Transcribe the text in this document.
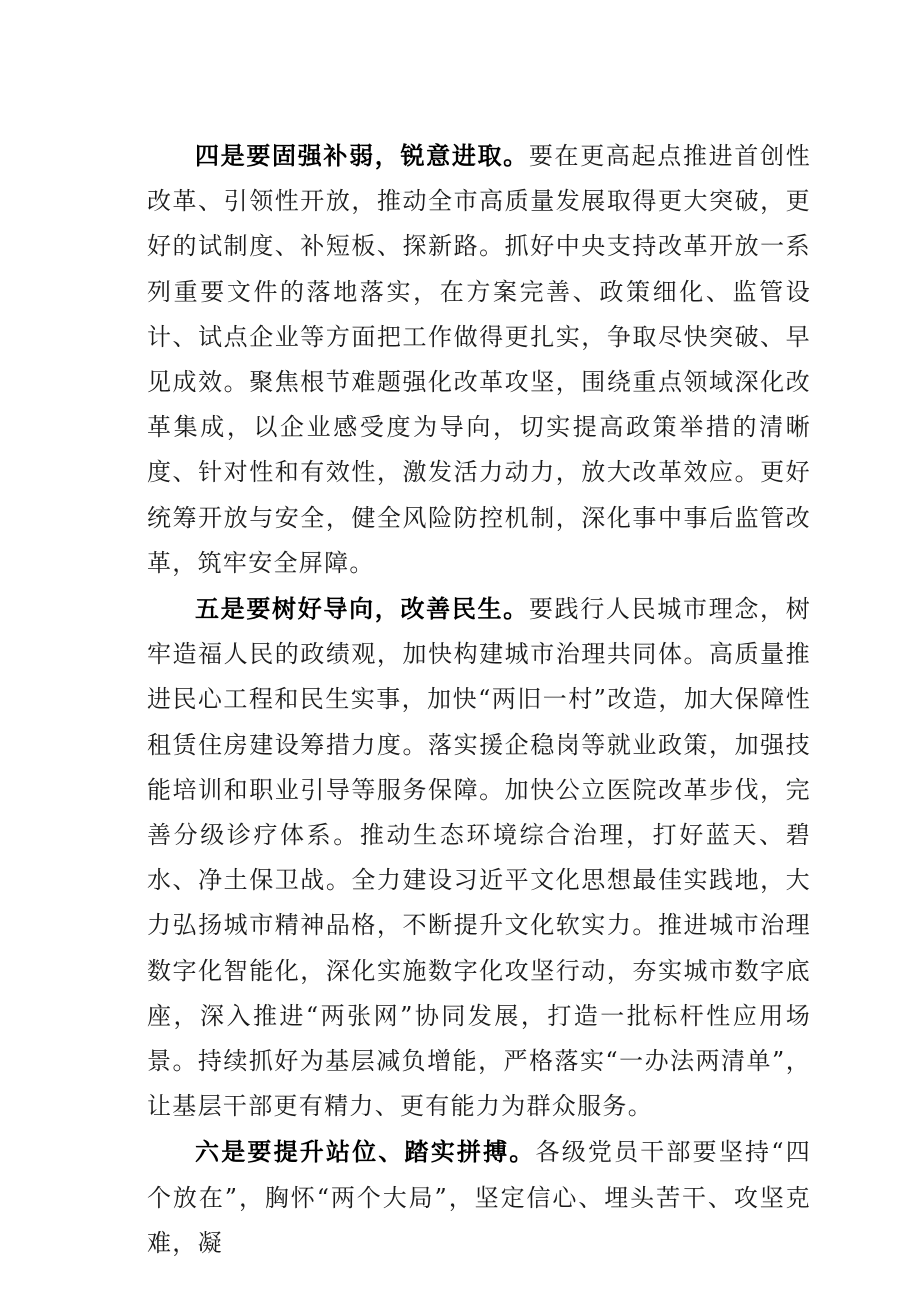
四是要固强补弱，锐意进取。要在更高起点推进首创性改革、引领性开放，推动全市高质量发展取得更大突破，更好的试制度、补短板、探新路。抓好中央支持改革开放一系列重要文件的落地落实，在方案完善、政策细化、监管设计、试点企业等方面把工作做得更扎实，争取尽快突破、早见成效。聚焦根节难题强化改革攻坚，围绕重点领域深化改革集成，以企业感受度为导向，切实提高政策举措的清晰度、针对性和有效性，激发活力动力，放大改革效应。更好统筹开放与安全，健全风险防控机制，深化事中事后监管改革，筑牢安全屏障。

五是要树好导向，改善民生。要践行人民城市理念，树牢造福人民的政绩观，加快构建城市治理共同体。高质量推进民心工程和民生实事，加快“两旧一村”改造，加大保障性租赁住房建设筹措力度。落实援企稳岗等就业政策，加强技能培训和职业引导等服务保障。加快公立医院改革步伐，完善分级诊疗体系。推动生态环境综合治理，打好蓝天、碧水、净土保卫战。全力建设习近平文化思想最佳实践地，大力弘扬城市精神品格，不断提升文化软实力。推进城市治理数字化智能化，深化实施数字化攻坚行动，夯实城市数字底座，深入推进“两张网”协同发展，打造一批标杆性应用场景。持续抓好为基层减负增能，严格落实“一办法两清单”，让基层干部更有精力、更有能力为群众服务。

六是要提升站位、踏实拼搏。各级党员干部要坚持“四个放在”，胸怀“两个大局”，坚定信心、埋头苦干、攻坚克难，凝
